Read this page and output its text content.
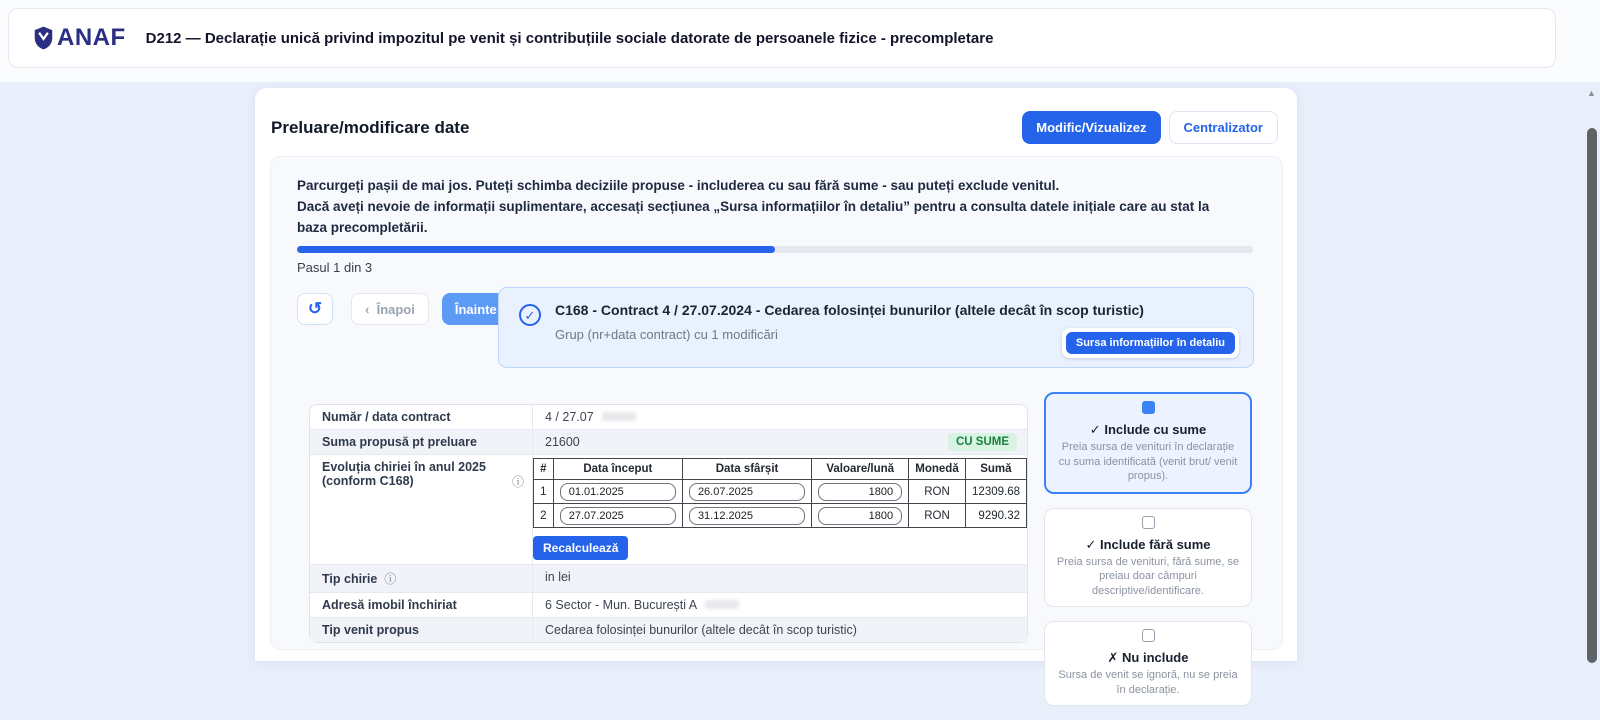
ANAF D212 — Declarație unică privind impozitul pe venit și contribuțiile sociale datorate de persoanele fizice - precompletare
▲
Preluare/modificare date	Modific/Vizualizez	Centralizator
Parcurgeți pașii de mai jos. Puteți schimba deciziile propuse - includerea cu sau fără sume - sau puteți exclude venitul.
Dacă aveți nevoie de informații suplimentare, accesați secțiunea „Sursa informațiilor în detaliu” pentru a consulta datele inițiale care au stat la baza precompletării.
Pasul 1 din 3
↺	‹ Înapoi	Înainte	✓	C168 - Contract 4 / 27.07.2024 - Cedarea folosinței bunurilor (altele decât în scop turistic)
Grup (nr+data contract) cu 1 modificări
Sursa informațiilor în detaliu
Număr / data contract	4 / 27.07
Suma propusă pt preluare	21600	CU SUME
Evoluția chiriei în anul 2025 (conform C168)	ⓘ
#	Data început	Data sfârșit	Valoare/lună	Monedă	Sumă
1	01.01.2025	26.07.2025	1800	RON	12309.68
2	27.07.2025	31.12.2025	1800	RON	9290.32
Recalculează
Tip chirie ⓘ	in lei
Adresă imobil închiriat	6 Sector - Mun. București A
Tip venit propus	Cedarea folosinței bunurilor (altele decât în scop turistic)
✓ Include cu sume
Preia sursa de venituri în declarație cu suma identificată (venit brut/ venit propus).
✓ Include fără sume
Preia sursa de venituri, fără sume, se preiau doar câmpuri descriptive/identificare.
✗ Nu include
Sursa de venit se ignoră, nu se preia în declarație.
